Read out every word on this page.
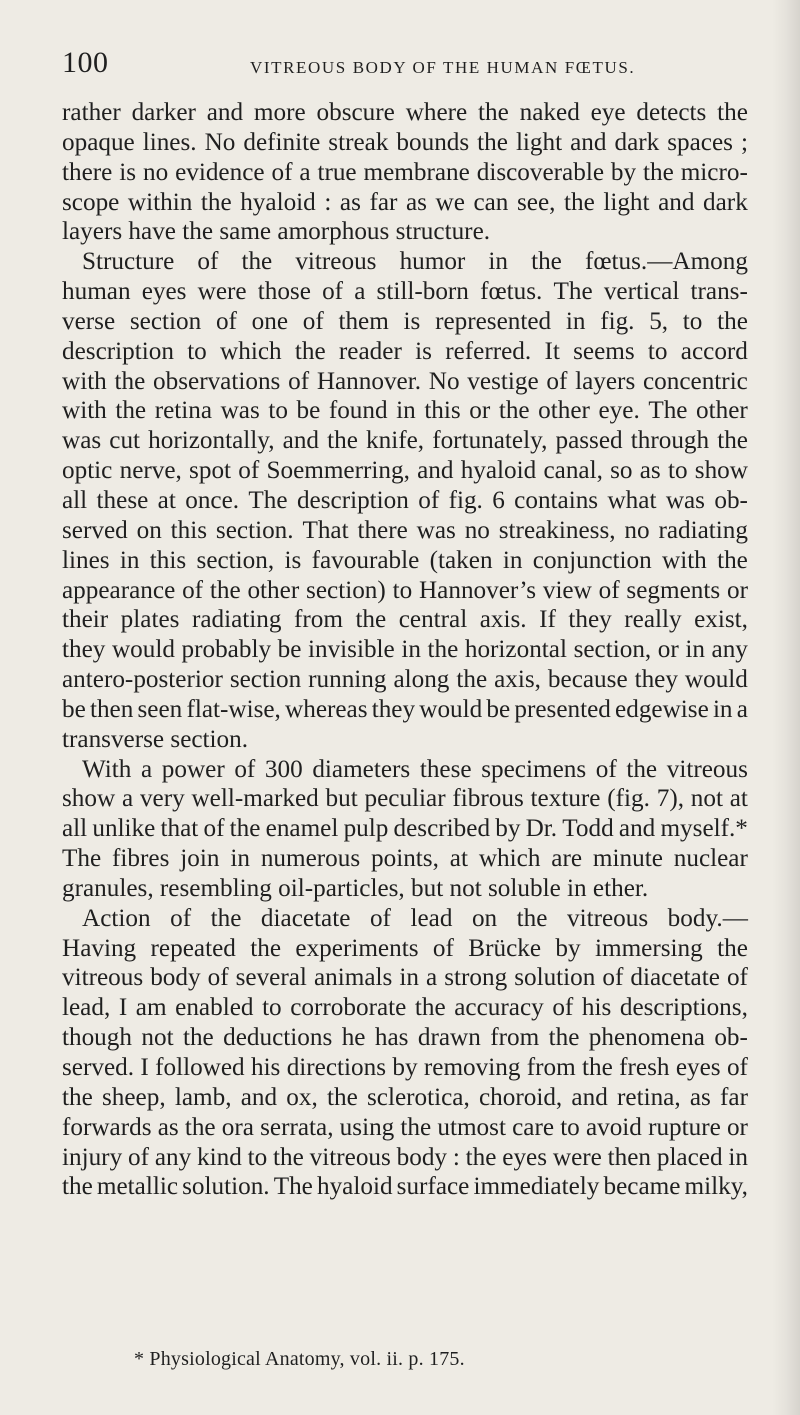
100	VITREOUS BODY OF THE HUMAN FŒTUS.
rather darker and more obscure where the naked eye detects the
opaque lines. No definite streak bounds the light and dark spaces ;
there is no evidence of a true membrane discoverable by the micro-
scope within the hyaloid : as far as we can see, the light and dark
layers have the same amorphous structure.
Structure of the vitreous humor in the fœtus.—Among
human eyes were those of a still-born fœtus. The vertical trans-
verse section of one of them is represented in fig. 5, to the
description to which the reader is referred. It seems to accord
with the observations of Hannover. No vestige of layers concentric
with the retina was to be found in this or the other eye. The other
was cut horizontally, and the knife, fortunately, passed through the
optic nerve, spot of Soemmerring, and hyaloid canal, so as to show
all these at once. The description of fig. 6 contains what was ob-
served on this section. That there was no streakiness, no radiating
lines in this section, is favourable (taken in conjunction with the
appearance of the other section) to Hannover’s view of segments or
their plates radiating from the central axis. If they really exist,
they would probably be invisible in the horizontal section, or in any
antero-posterior section running along the axis, because they would
be then seen flat-wise, whereas they would be presented edgewise in a
transverse section.
With a power of 300 diameters these specimens of the vitreous
show a very well-marked but peculiar fibrous texture (fig. 7), not at
all unlike that of the enamel pulp described by Dr. Todd and myself.*
The fibres join in numerous points, at which are minute nuclear
granules, resembling oil-particles, but not soluble in ether.
Action of the diacetate of lead on the vitreous body.—
Having repeated the experiments of Brücke by immersing the
vitreous body of several animals in a strong solution of diacetate of
lead, I am enabled to corroborate the accuracy of his descriptions,
though not the deductions he has drawn from the phenomena ob-
served. I followed his directions by removing from the fresh eyes of
the sheep, lamb, and ox, the sclerotica, choroid, and retina, as far
forwards as the ora serrata, using the utmost care to avoid rupture or
injury of any kind to the vitreous body : the eyes were then placed in
the metallic solution. The hyaloid surface immediately became milky,
* Physiological Anatomy, vol. ii. p. 175.
